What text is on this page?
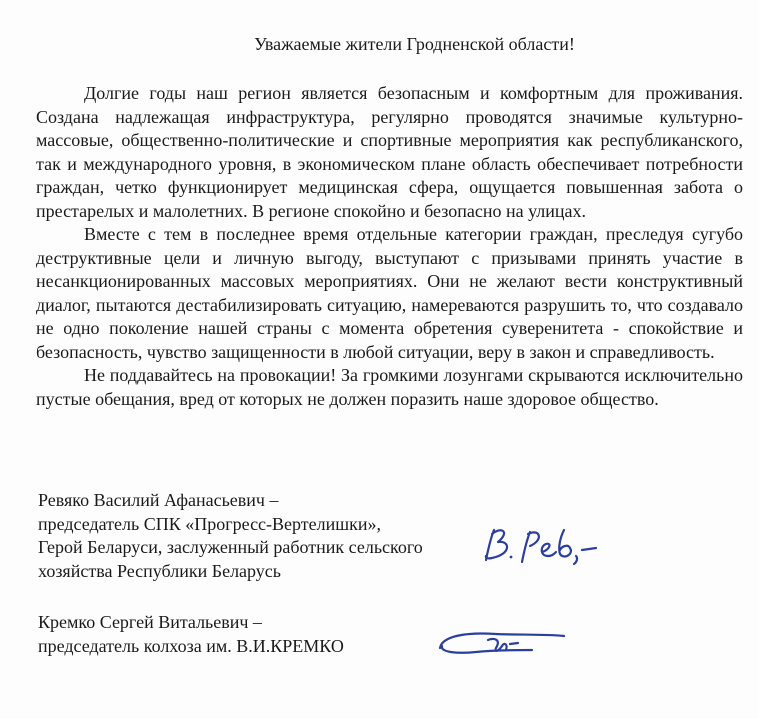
Уважаемые жители Гродненской области!

Долгие годы наш регион является безопасным и комфортным для проживания. Создана надлежащая инфраструктура, регулярно проводятся значимые культурно-массовые, общественно-политические и спортивные мероприятия как республиканского, так и международного уровня, в экономическом плане область обеспечивает потребности граждан, четко функционирует медицинская сфера, ощущается повышенная забота о престарелых и малолетних. В регионе спокойно и безопасно на улицах.

Вместе с тем в последнее время отдельные категории граждан, преследуя сугубо деструктивные цели и личную выгоду, выступают с призывами принять участие в несанкционированных массовых мероприятиях. Они не желают вести конструктивный диалог, пытаются дестабилизировать ситуацию, намереваются разрушить то, что создавало не одно поколение нашей страны с момента обретения суверенитета - спокойствие и безопасность, чувство защищенности в любой ситуации, веру в закон и справедливость.

Не поддавайтесь на провокации! За громкими лозунгами скрываются исключительно пустые обещания, вред от которых не должен поразить наше здоровое общество.

Ревяко Василий Афанасьевич –
председатель СПК «Прогресс-Вертелишки»,
Герой Беларуси, заслуженный работник сельского
хозяйства Республики Беларусь
Кремко Сергей Витальевич –
председатель колхоза им. В.И.КРЕМКО
